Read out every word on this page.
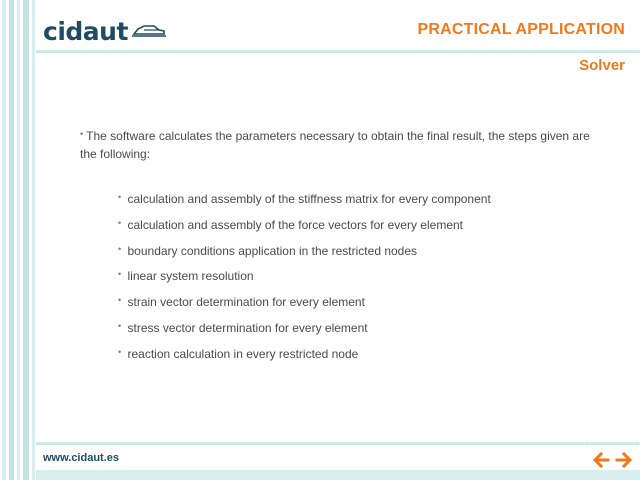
cidaut	PRACTICAL APPLICATION
Solver
• The software calculates the parameters necessary to obtain the final result, the steps given are the following:
• calculation and assembly of the stiffness matrix for every component
• calculation and assembly of the force vectors for every element
• boundary conditions application in the restricted nodes
• linear system resolution
• strain vector determination for every element
• stress vector determination for every element
• reaction calculation in every restricted node
www.cidaut.es
